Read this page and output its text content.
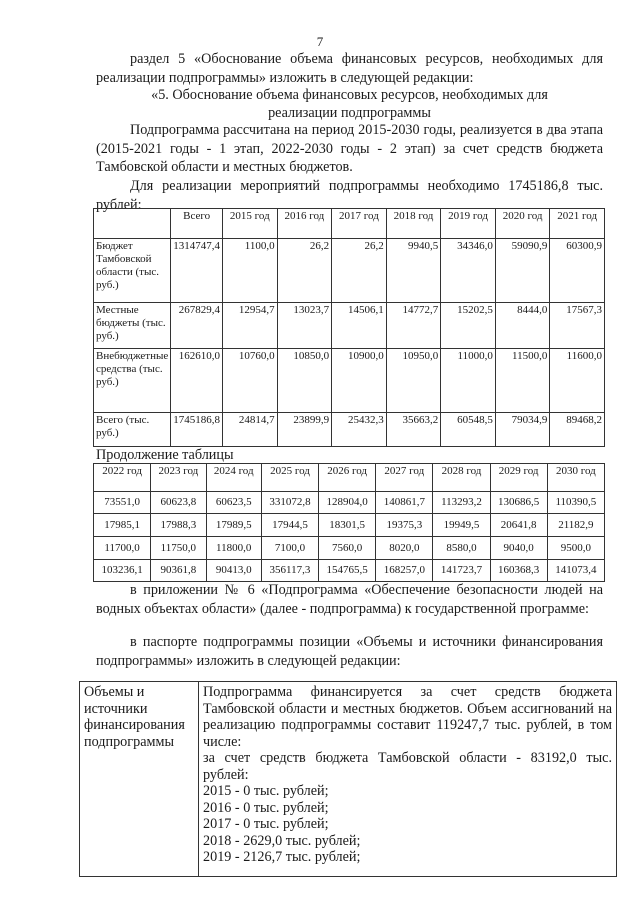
7
раздел 5 «Обоснование объема финансовых ресурсов, необходимых для реализации подпрограммы» изложить в следующей редакции:
«5. Обоснование объема финансовых ресурсов, необходимых для
реализации подпрограммы
Подпрограмма рассчитана на период 2015-2030 годы, реализуется в два этапа (2015-2021 годы - 1 этап, 2022-2030 годы - 2 этап) за счет средств бюджета Тамбовской области и местных бюджетов.
Для реализации мероприятий подпрограммы необходимо 1745186,8 тыс. рублей:
	Всего	2015 год	2016 год	2017 год	2018 год	2019 год	2020 год	2021 год
Бюджет Тамбовской области (тыс. руб.)	1314747,4	1100,0	26,2	26,2	9940,5	34346,0	59090,9	60300,9
Местные бюджеты (тыс. руб.)	267829,4	12954,7	13023,7	14506,1	14772,7	15202,5	8444,0	17567,3
Внебюджетные средства (тыс. руб.)	162610,0	10760,0	10850,0	10900,0	10950,0	11000,0	11500,0	11600,0
Всего (тыс. руб.)	1745186,8	24814,7	23899,9	25432,3	35663,2	60548,5	79034,9	89468,2
Продолжение таблицы
2022 год	2023 год	2024 год	2025 год	2026 год	2027 год	2028 год	2029 год	2030 год
73551,0	60623,8	60623,5	331072,8	128904,0	140861,7	113293,2	130686,5	110390,5
17985,1	17988,3	17989,5	17944,5	18301,5	19375,3	19949,5	20641,8	21182,9
11700,0	11750,0	11800,0	7100,0	7560,0	8020,0	8580,0	9040,0	9500,0
103236,1	90361,8	90413,0	356117,3	154765,5	168257,0	141723,7	160368,3	141073,4
в приложении № 6 «Подпрограмма «Обеспечение безопасности людей на водных объектах области» (далее - подпрограмма) к государственной программе:
в паспорте подпрограммы позиции «Объемы и источники финансирования подпрограммы» изложить в следующей редакции:
Объемы и источники финансирования подпрограммы	
Подпрограмма финансируется за счет средств бюджета Тамбовской области и местных бюджетов. Объем ассигнований на реализацию подпрограммы составит 119247,7 тыс. рублей, в том числе:
за счет средств бюджета Тамбовской области - 83192,0 тыс. рублей:
2015 - 0 тыс. рублей;
2016 - 0 тыс. рублей;
2017 - 0 тыс. рублей;
2018 - 2629,0 тыс. рублей;
2019 - 2126,7 тыс. рублей;
